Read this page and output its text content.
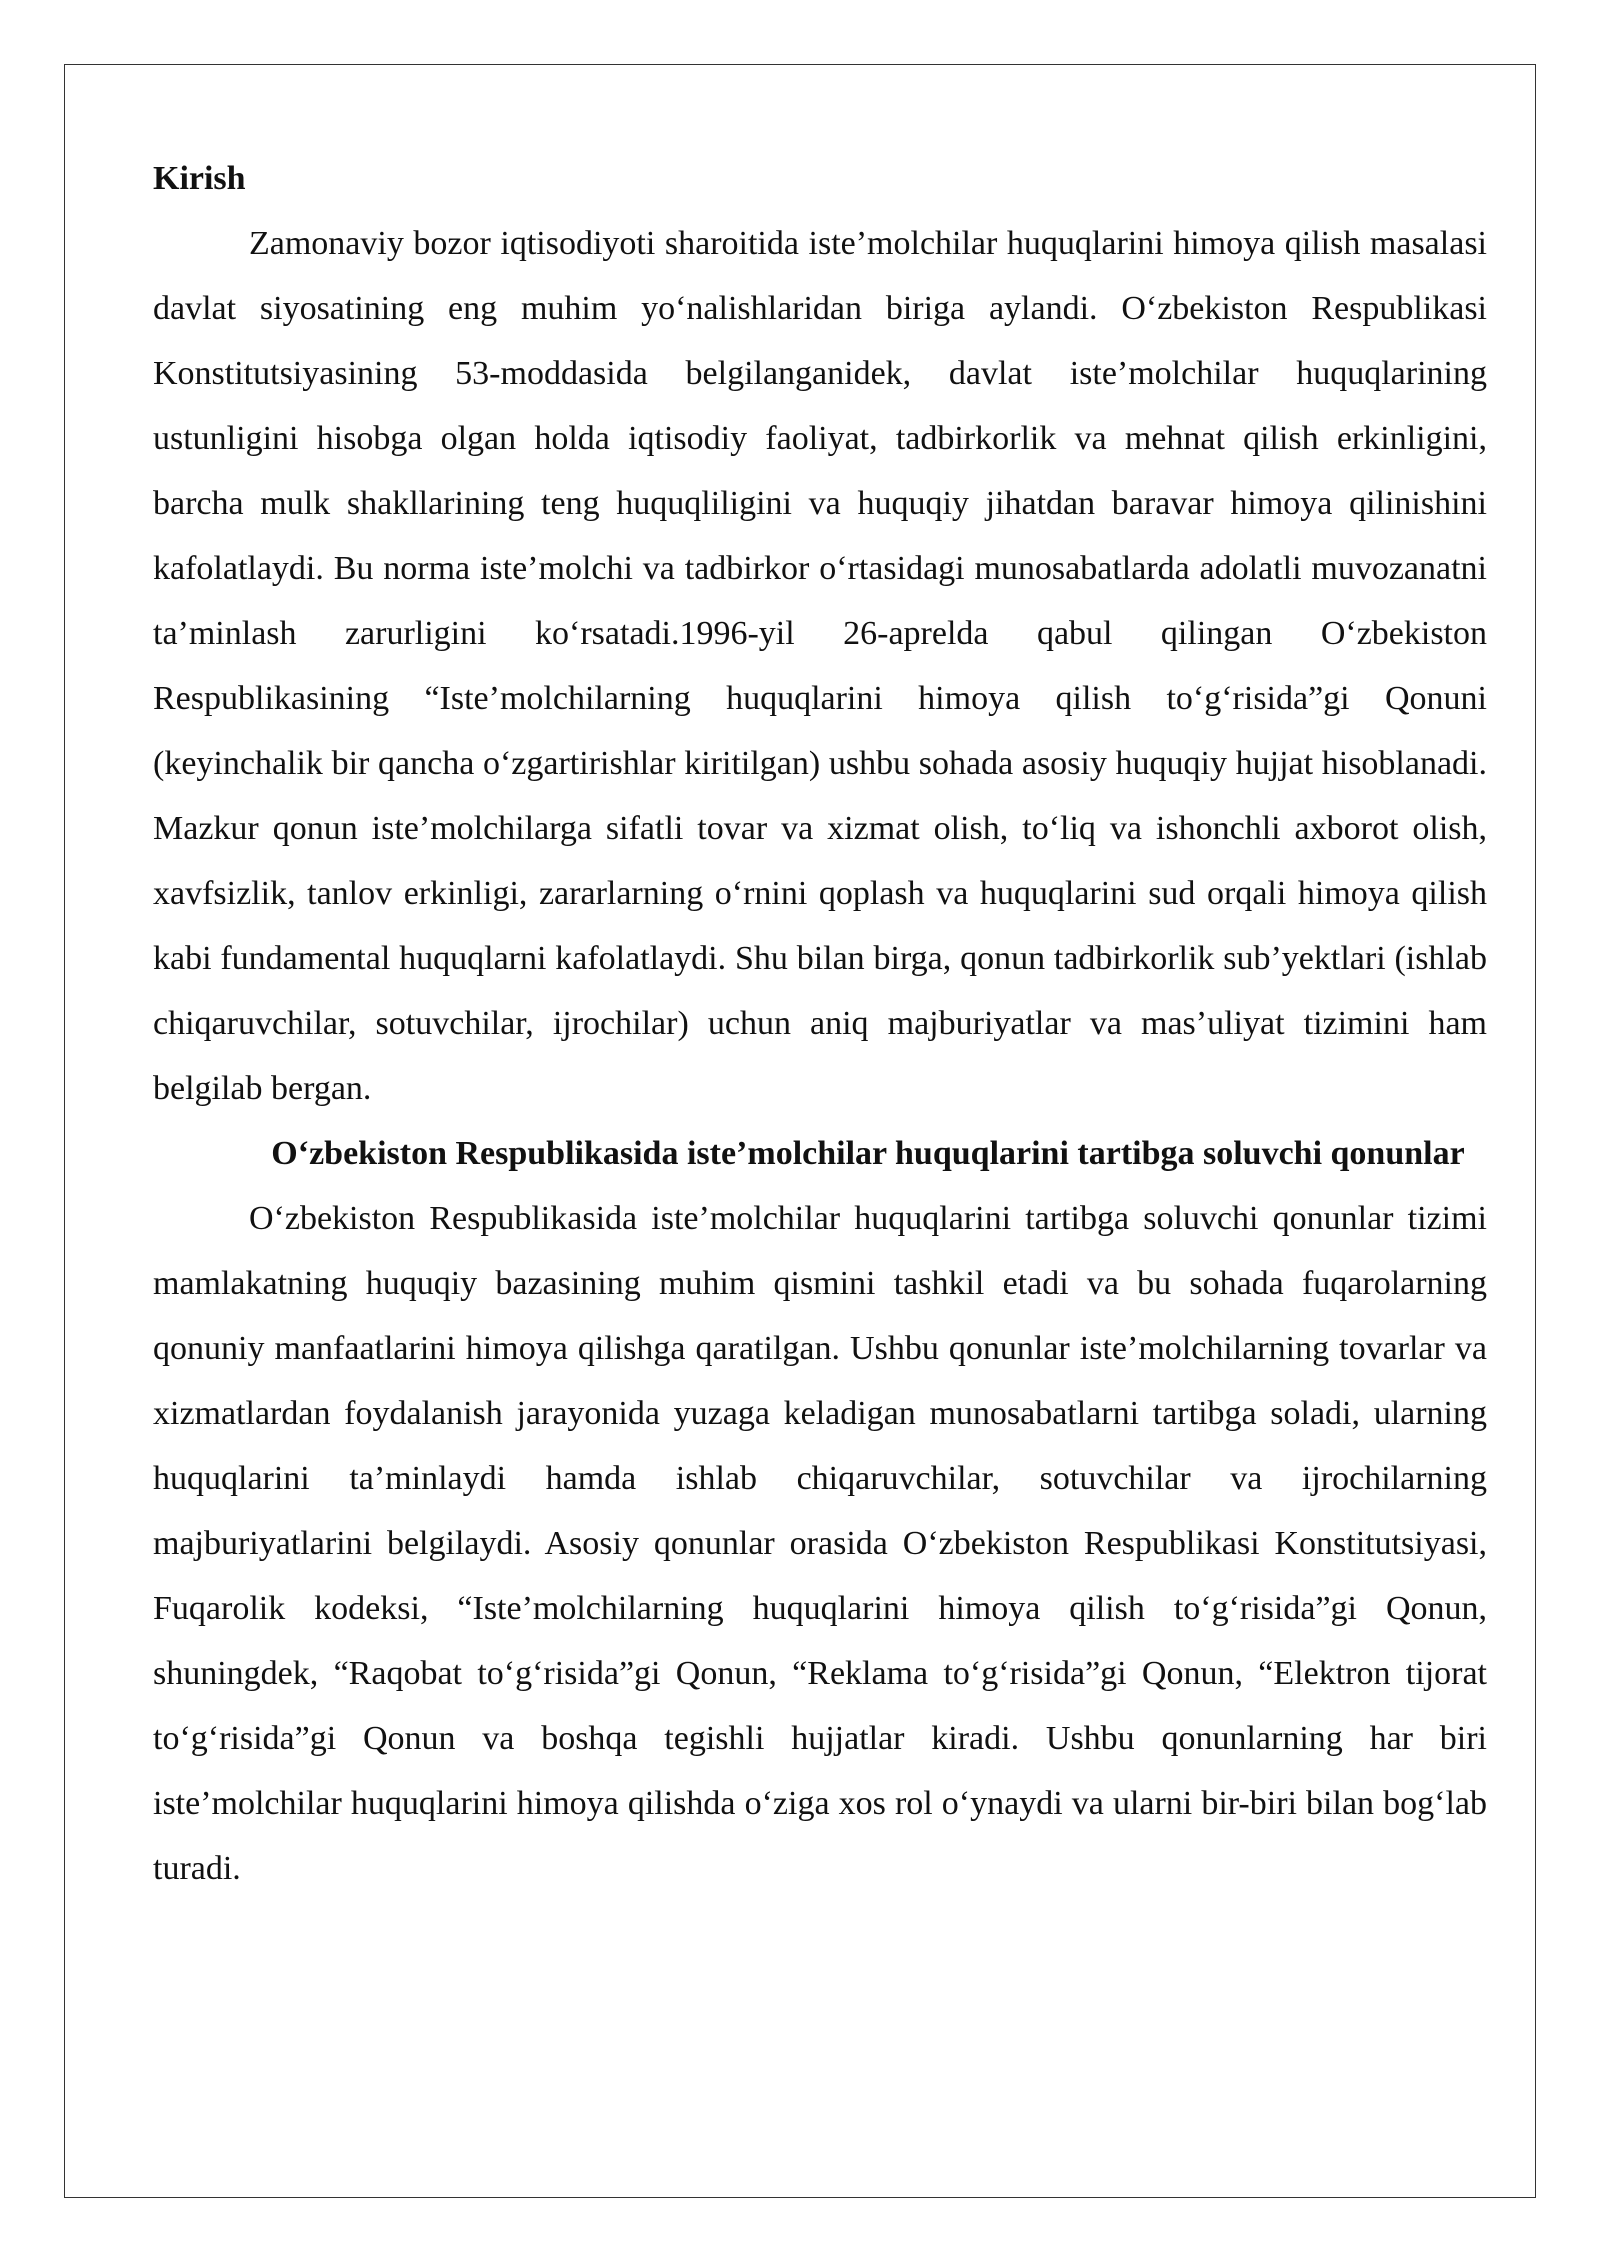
Kirish

Zamonaviy bozor iqtisodiyoti sharoitida iste’molchilar huquqlarini himoya qilish masalasi davlat siyosatining eng muhim yo‘nalishlaridan biriga aylandi. O‘zbekiston Respublikasi Konstitutsiyasining 53-moddasida belgilanganidek, davlat iste’molchilar huquqlarining ustunligini hisobga olgan holda iqtisodiy faoliyat, tadbirkorlik va mehnat qilish erkinligini, barcha mulk shakllarining teng huquqliligini va huquqiy jihatdan baravar himoya qilinishini kafolatlaydi. Bu norma iste’molchi va tadbirkor o‘rtasidagi munosabatlarda adolatli muvozanatni ta’minlash zarurligini ko‘rsatadi.1996-yil 26-aprelda qabul qilingan O‘zbekiston Respublikasining “Iste’molchilarning huquqlarini himoya qilish to‘g‘risida”gi Qonuni (keyinchalik bir qancha o‘zgartirishlar kiritilgan) ushbu sohada asosiy huquqiy hujjat hisoblanadi. Mazkur qonun iste’molchilarga sifatli tovar va xizmat olish, to‘liq va ishonchli axborot olish, xavfsizlik, tanlov erkinligi, zararlarning o‘rnini qoplash va huquqlarini sud orqali himoya qilish kabi fundamental huquqlarni kafolatlaydi. Shu bilan birga, qonun tadbirkorlik sub’yektlari (ishlab chiqaruvchilar, sotuvchilar, ijrochilar) uchun aniq majburiyatlar va mas’uliyat tizimini ham belgilab bergan.

O‘zbekiston Respublikasida iste’molchilar huquqlarini tartibga soluvchi qonunlar

O‘zbekiston Respublikasida iste’molchilar huquqlarini tartibga soluvchi qonunlar tizimi mamlakatning huquqiy bazasining muhim qismini tashkil etadi va bu sohada fuqarolarning qonuniy manfaatlarini himoya qilishga qaratilgan. Ushbu qonunlar iste’molchilarning tovarlar va xizmatlardan foydalanish jarayonida yuzaga keladigan munosabatlarni tartibga soladi, ularning huquqlarini ta’minlaydi hamda ishlab chiqaruvchilar, sotuvchilar va ijrochilarning majburiyatlarini belgilaydi. Asosiy qonunlar orasida O‘zbekiston Respublikasi Konstitutsiyasi, Fuqarolik kodeksi, “Iste’molchilarning huquqlarini himoya qilish to‘g‘risida”gi Qonun, shuningdek, “Raqobat to‘g‘risida”gi Qonun, “Reklama to‘g‘risida”gi Qonun, “Elektron tijorat to‘g‘risida”gi Qonun va boshqa tegishli hujjatlar kiradi. Ushbu qonunlarning har biri iste’molchilar huquqlarini himoya qilishda o‘ziga xos rol o‘ynaydi va ularni bir-biri bilan bog‘lab turadi.
